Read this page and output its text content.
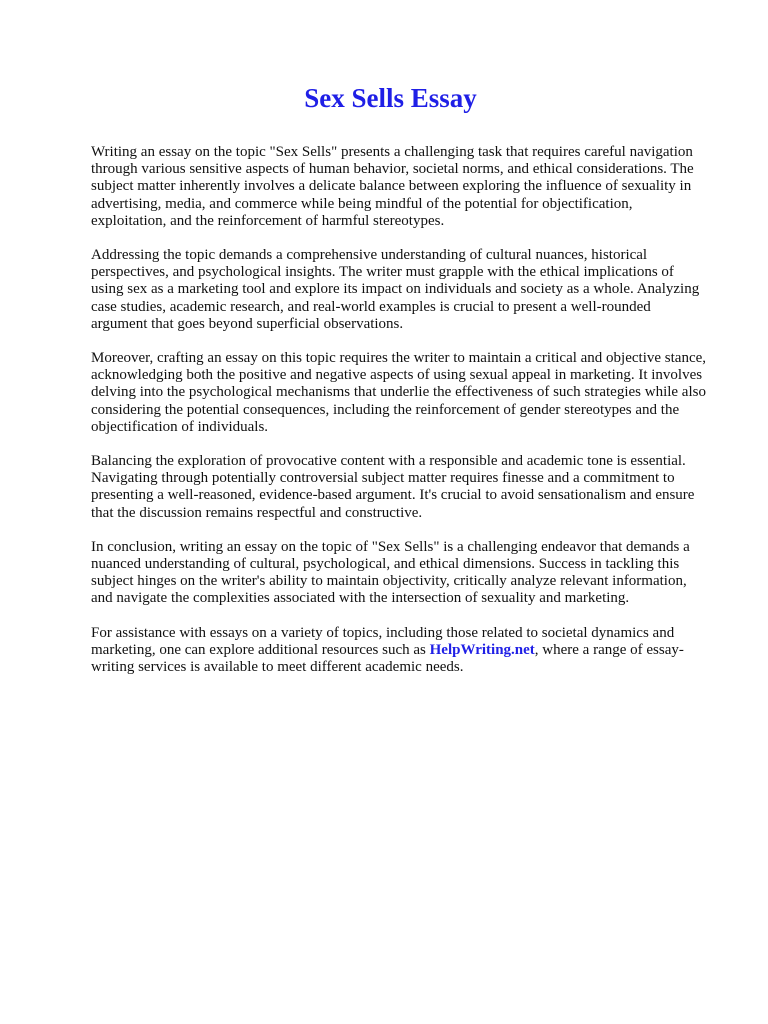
Sex Sells Essay

Writing an essay on the topic "Sex Sells" presents a challenging task that requires careful navigation through various sensitive aspects of human behavior, societal norms, and ethical considerations. The subject matter inherently involves a delicate balance between exploring the influence of sexuality in advertising, media, and commerce while being mindful of the potential for objectification, exploitation, and the reinforcement of harmful stereotypes.

Addressing the topic demands a comprehensive understanding of cultural nuances, historical perspectives, and psychological insights. The writer must grapple with the ethical implications of using sex as a marketing tool and explore its impact on individuals and society as a whole. Analyzing case studies, academic research, and real-world examples is crucial to present a well-rounded argument that goes beyond superficial observations.

Moreover, crafting an essay on this topic requires the writer to maintain a critical and objective stance, acknowledging both the positive and negative aspects of using sexual appeal in marketing. It involves delving into the psychological mechanisms that underlie the effectiveness of such strategies while also considering the potential consequences, including the reinforcement of gender stereotypes and the objectification of individuals.

Balancing the exploration of provocative content with a responsible and academic tone is essential. Navigating through potentially controversial subject matter requires finesse and a commitment to presenting a well-reasoned, evidence-based argument. It's crucial to avoid sensationalism and ensure that the discussion remains respectful and constructive.

In conclusion, writing an essay on the topic of "Sex Sells" is a challenging endeavor that demands a nuanced understanding of cultural, psychological, and ethical dimensions. Success in tackling this subject hinges on the writer's ability to maintain objectivity, critically analyze relevant information, and navigate the complexities associated with the intersection of sexuality and marketing.

For assistance with essays on a variety of topics, including those related to societal dynamics and marketing, one can explore additional resources such as HelpWriting.net, where a range of essay-writing services is available to meet different academic needs.
